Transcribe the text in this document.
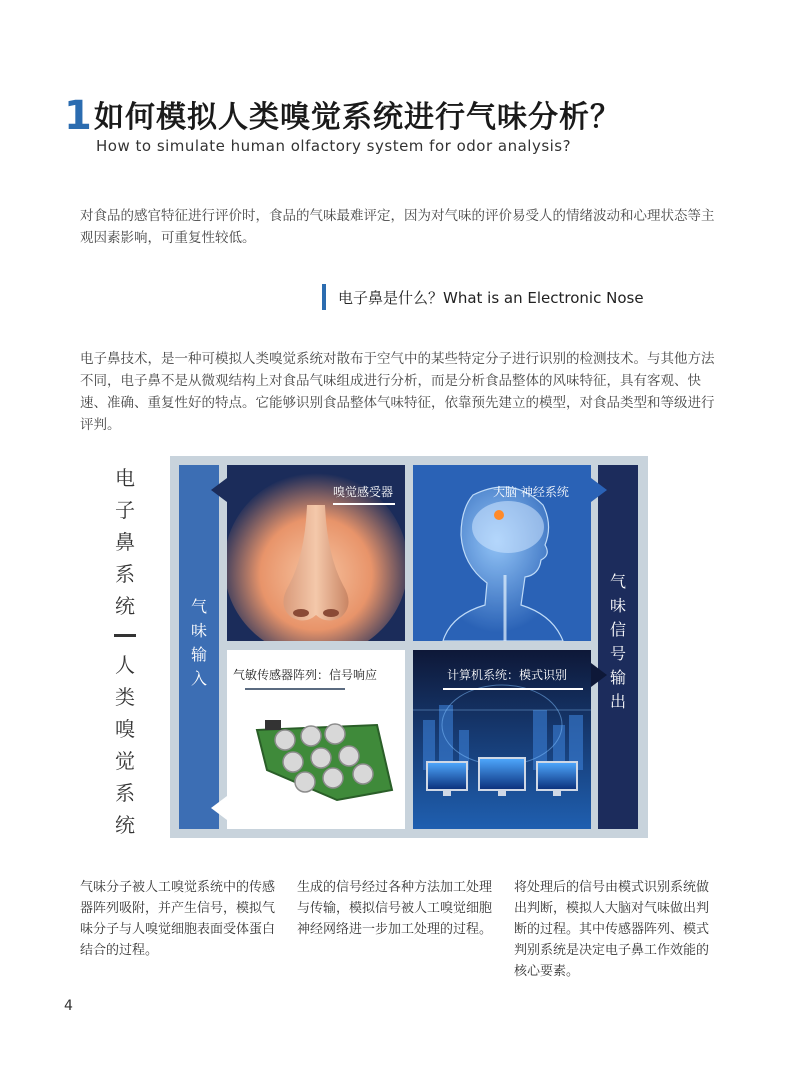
1 如何模拟人类嗅觉系统进行气味分析？
How to simulate human olfactory system for odor analysis?

对食品的感官特征进行评价时，食品的气味最难评定，因为对气味的评价易受人的情绪波动和心理状态等主观因素影响，可重复性较低。

电子鼻是什么？What is an Electronic Nose

电子鼻技术，是一种可模拟人类嗅觉系统对散布于空气中的某些特定分子进行识别的检测技术。与其他方法不同，电子鼻不是从微观结构上对食品气味组成进行分析，而是分析食品整体的风味特征，具有客观、快速、准确、重复性好的特点。它能够识别食品整体气味特征，依靠预先建立的模型，对食品类型和等级进行评判。

电
子
鼻
系
统
人
类
嗅
觉
系
统
气
味
输
入
气
味
信
号
输
出
嗅觉感受器	大脑 神经系统
气敏传感器阵列：信号响应	计算机系统：模式识别

气味分子被人工嗅觉系统中的传感器阵列吸附，并产生信号，模拟气味分子与人嗅觉细胞表面受体蛋白结合的过程。

生成的信号经过各种方法加工处理与传输，模拟信号被人工嗅觉细胞神经网络进一步加工处理的过程。

将处理后的信号由模式识别系统做出判断，模拟人大脑对气味做出判断的过程。其中传感器阵列、模式判别系统是决定电子鼻工作效能的核心要素。

4
